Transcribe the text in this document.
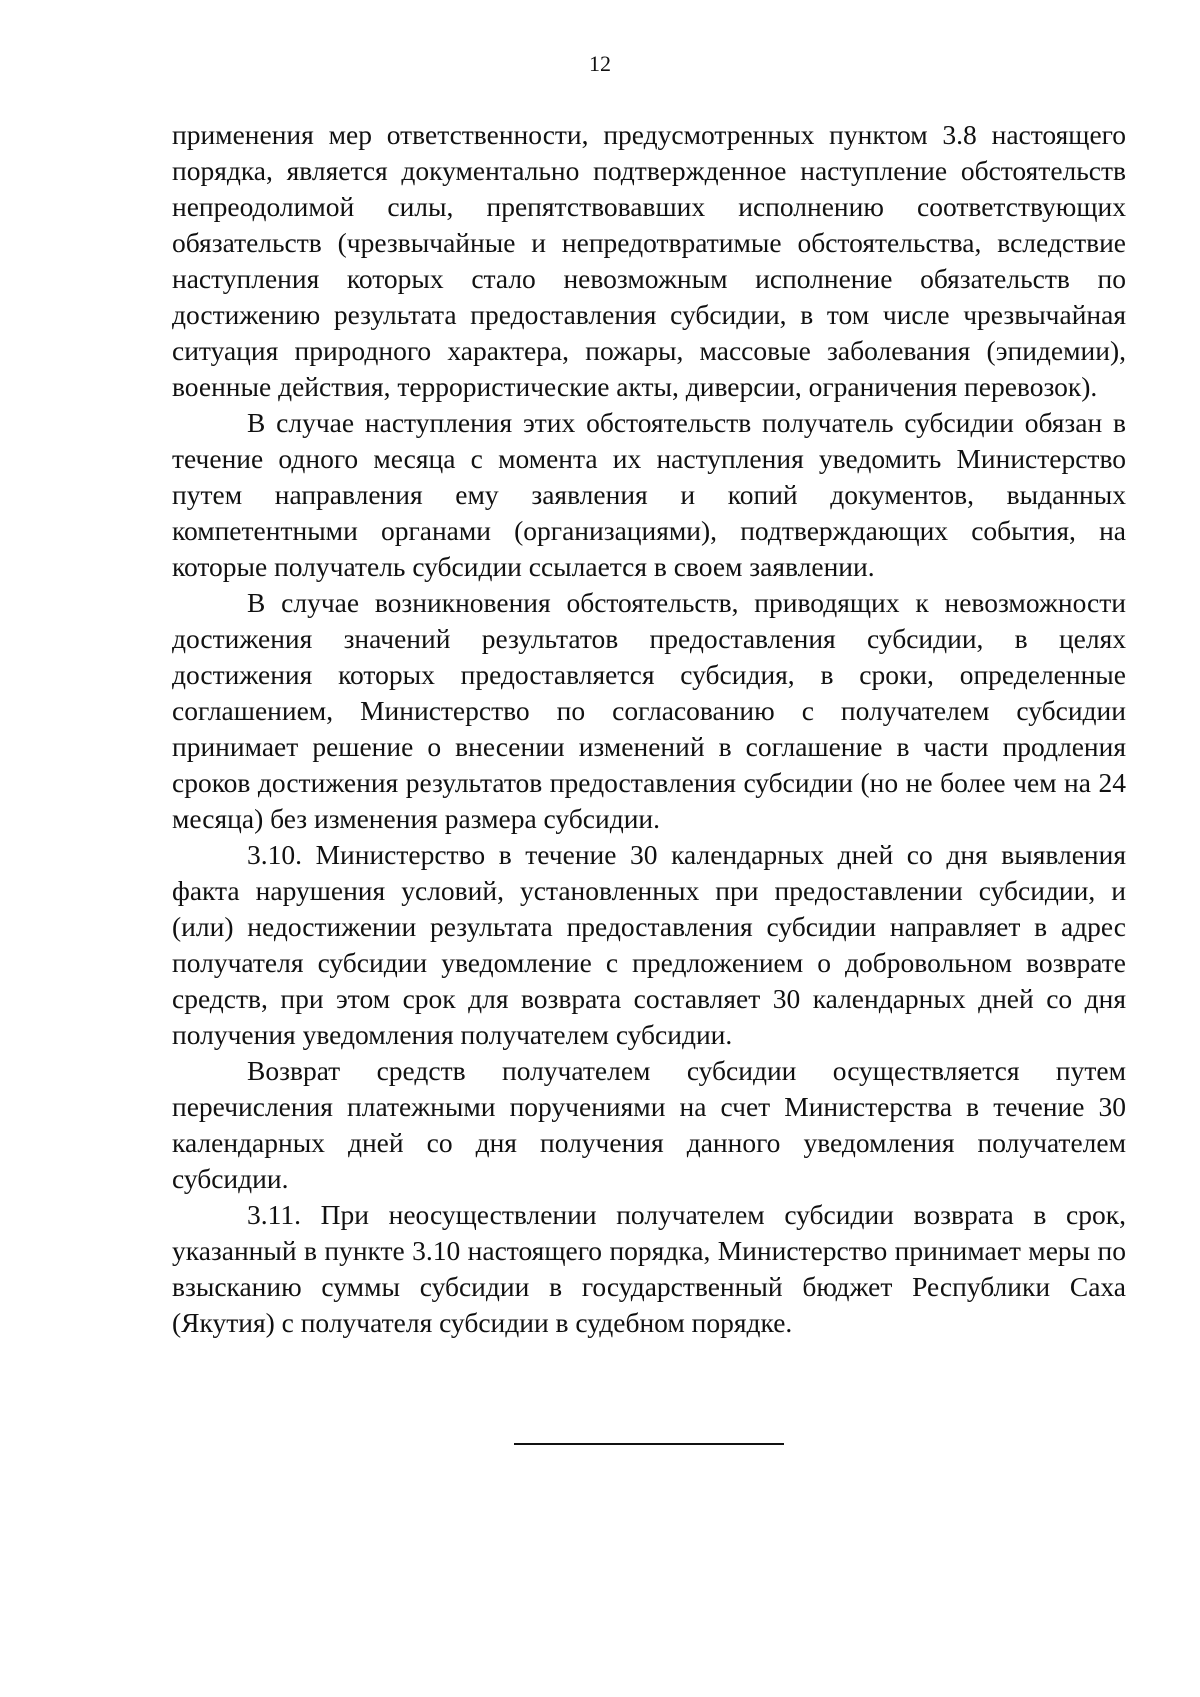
12

применения мер ответственности, предусмотренных пунктом 3.8 настоящего порядка, является документально подтвержденное наступление обстоятельств непреодолимой силы, препятствовавших исполнению соответствующих обязательств (чрезвычайные и непредотвратимые обстоятельства, вследствие наступления которых стало невозможным исполнение обязательств по достижению результата предоставления субсидии, в том числе чрезвычайная ситуация природного характера, пожары, массовые заболевания (эпидемии), военные действия, террористические акты, диверсии, ограничения перевозок).

В случае наступления этих обстоятельств получатель субсидии обязан в течение одного месяца с момента их наступления уведомить Министерство путем направления ему заявления и копий документов, выданных компетентными органами (организациями), подтверждающих события, на которые получатель субсидии ссылается в своем заявлении.

В случае возникновения обстоятельств, приводящих к невозможности достижения значений результатов предоставления субсидии, в целях достижения которых предоставляется субсидия, в сроки, определенные соглашением, Министерство по согласованию с получателем субсидии принимает решение о внесении изменений в соглашение в части продления сроков достижения результатов предоставления субсидии (но не более чем на 24 месяца) без изменения размера субсидии.

3.10. Министерство в течение 30 календарных дней со дня выявления факта нарушения условий, установленных при предоставлении субсидии, и (или) недостижении результата предоставления субсидии направляет в адрес получателя субсидии уведомление с предложением о добровольном возврате средств, при этом срок для возврата составляет 30 календарных дней со дня получения уведомления получателем субсидии.

Возврат средств получателем субсидии осуществляется путем перечисления платежными поручениями на счет Министерства в течение 30 календарных дней со дня получения данного уведомления получателем субсидии.

3.11. При неосуществлении получателем субсидии возврата в срок, указанный в пункте 3.10 настоящего порядка, Министерство принимает меры по взысканию суммы субсидии в государственный бюджет Республики Саха (Якутия) с получателя субсидии в судебном порядке.
